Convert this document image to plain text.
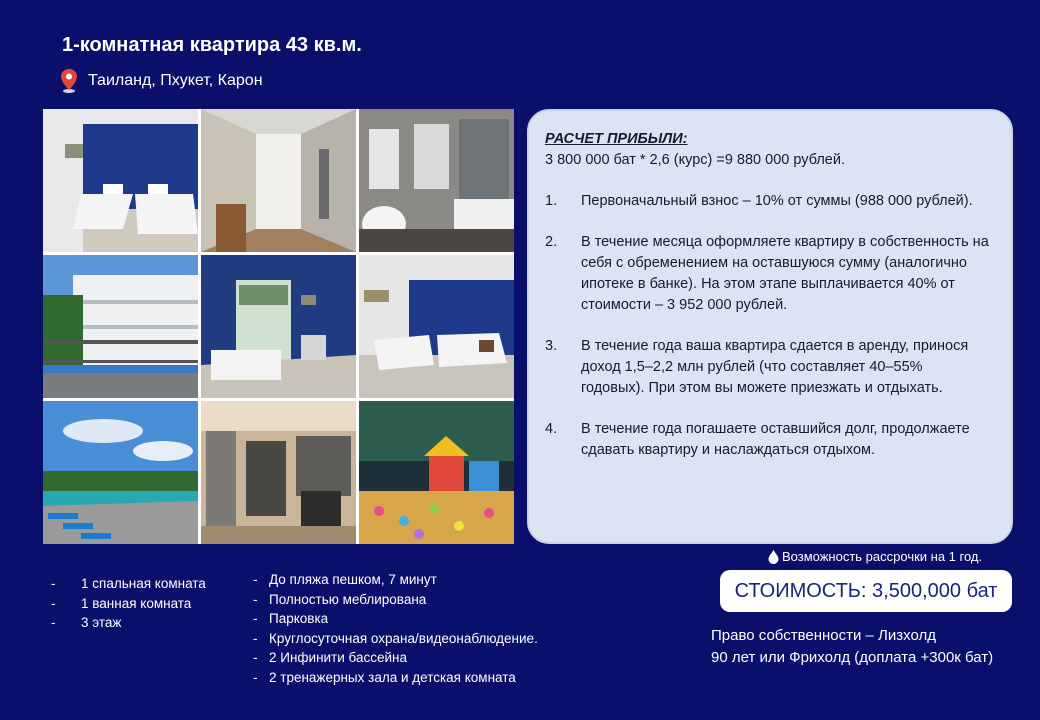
1-комнатная квартира 43 кв.м.
Таиланд, Пхукет, Карон
РАСЧЕТ ПРИБЫЛИ:
3 800 000 бат * 2,6 (курс) =9 880 000 рублей.
1.	Первоначальный взнос – 10% от суммы (988 000 рублей).
2.	В течение месяца оформляете квартиру в собственность на себя с обременением на оставшуюся сумму (аналогично ипотеке в банке). На этом этапе выплачивается 40% от стоимости – 3 952 000 рублей.
3.	В течение года ваша квартира сдается в аренду, принося доход 1,5–2,2 млн рублей (что составляет 40–55% годовых). При этом вы можете приезжать и отдыхать.
4.	В течение года погашаете оставшийся долг, продолжаете сдавать квартиру и наслаждаться отдыхом.
Возможность рассрочки на 1 год.
СТОИМОСТЬ: 3,500,000 бат
Право собственности – Лизхолд
90 лет или Фрихолд (доплата +300к бат)
-	1 спальная комната
-	1 ванная комната
-	3 этаж
- До пляжа пешком, 7 минут
- Полностью меблирована
- Парковка
- Круглосуточная охрана/видеонаблюдение.
- 2 Инфинити бассейна
- 2 тренажерных зала и детская комната
